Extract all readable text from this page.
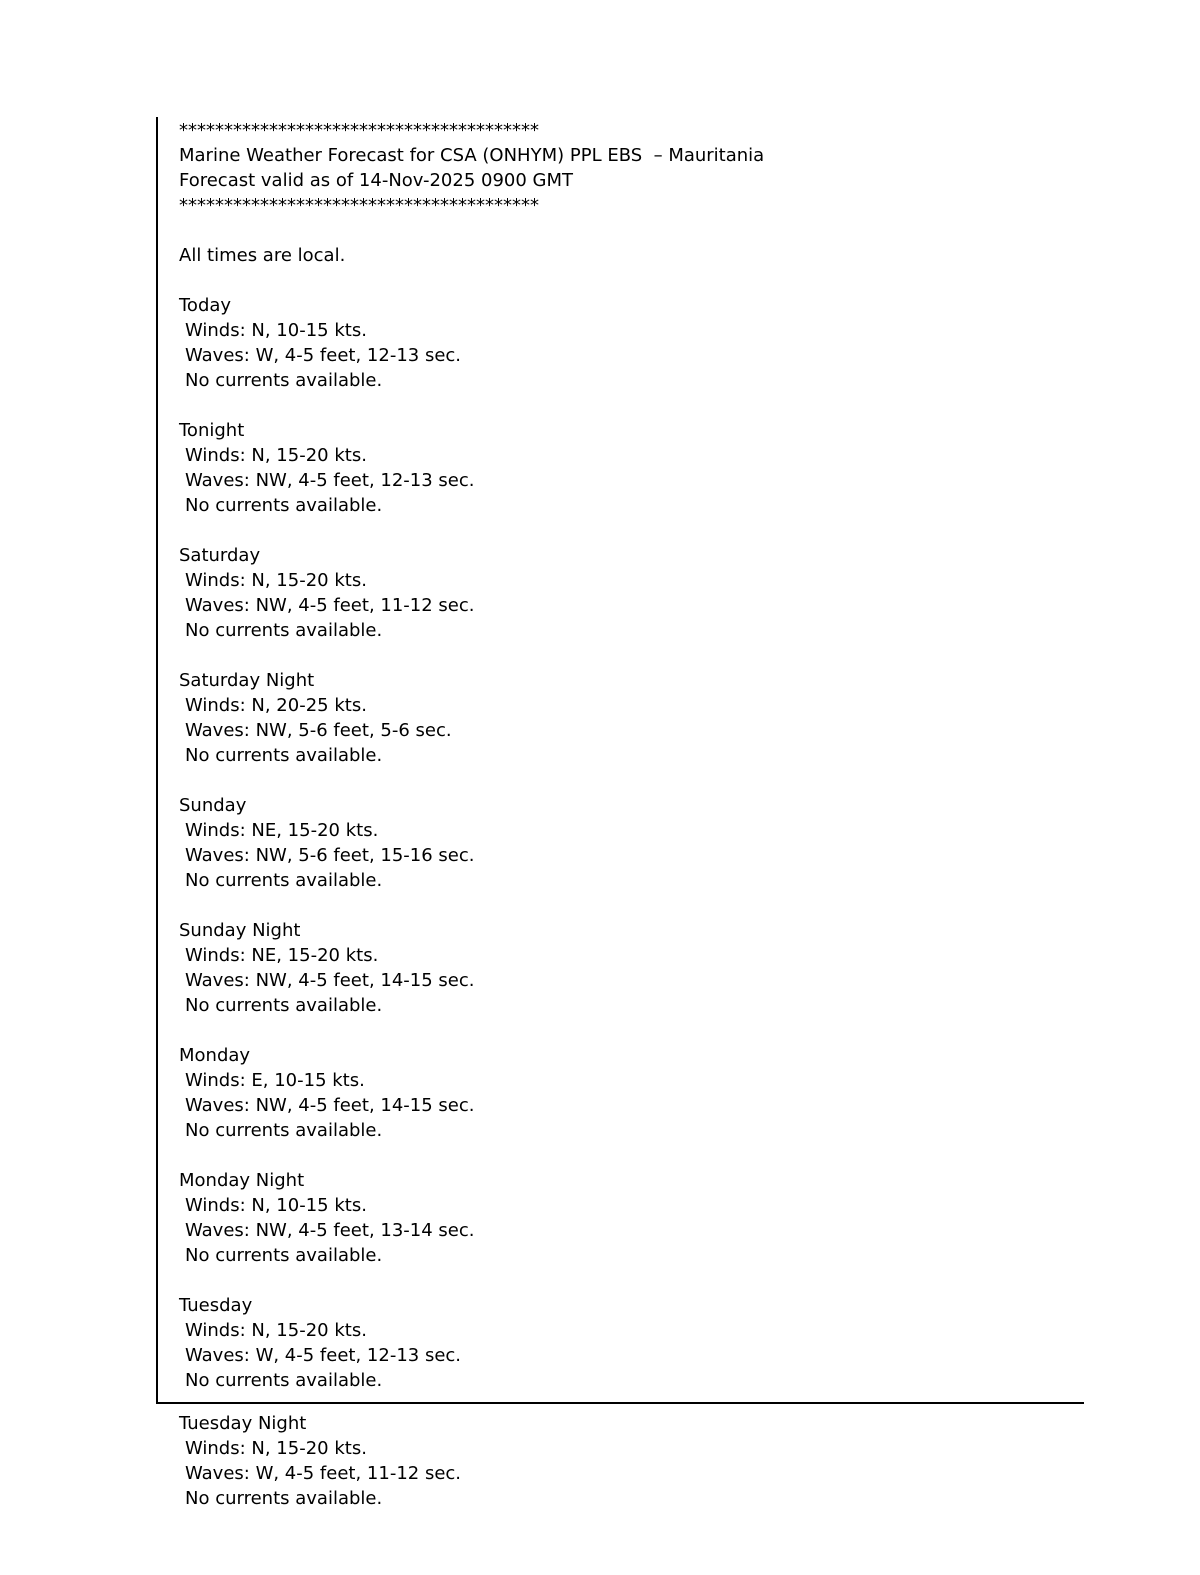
****************************************
Marine Weather Forecast for CSA (ONHYM) PPL EBS  – Mauritania
Forecast valid as of 14-Nov-2025 0900 GMT
****************************************
All times are local.
Today
Winds: N, 10-15 kts.
Waves: W, 4-5 feet, 12-13 sec.
No currents available.
Tonight
Winds: N, 15-20 kts.
Waves: NW, 4-5 feet, 12-13 sec.
No currents available.
Saturday
Winds: N, 15-20 kts.
Waves: NW, 4-5 feet, 11-12 sec.
No currents available.
Saturday Night
Winds: N, 20-25 kts.
Waves: NW, 5-6 feet, 5-6 sec.
No currents available.
Sunday
Winds: NE, 15-20 kts.
Waves: NW, 5-6 feet, 15-16 sec.
No currents available.
Sunday Night
Winds: NE, 15-20 kts.
Waves: NW, 4-5 feet, 14-15 sec.
No currents available.
Monday
Winds: E, 10-15 kts.
Waves: NW, 4-5 feet, 14-15 sec.
No currents available.
Monday Night
Winds: N, 10-15 kts.
Waves: NW, 4-5 feet, 13-14 sec.
No currents available.
Tuesday
Winds: N, 15-20 kts.
Waves: W, 4-5 feet, 12-13 sec.
No currents available.
Tuesday Night
Winds: N, 15-20 kts.
Waves: W, 4-5 feet, 11-12 sec.
No currents available.
